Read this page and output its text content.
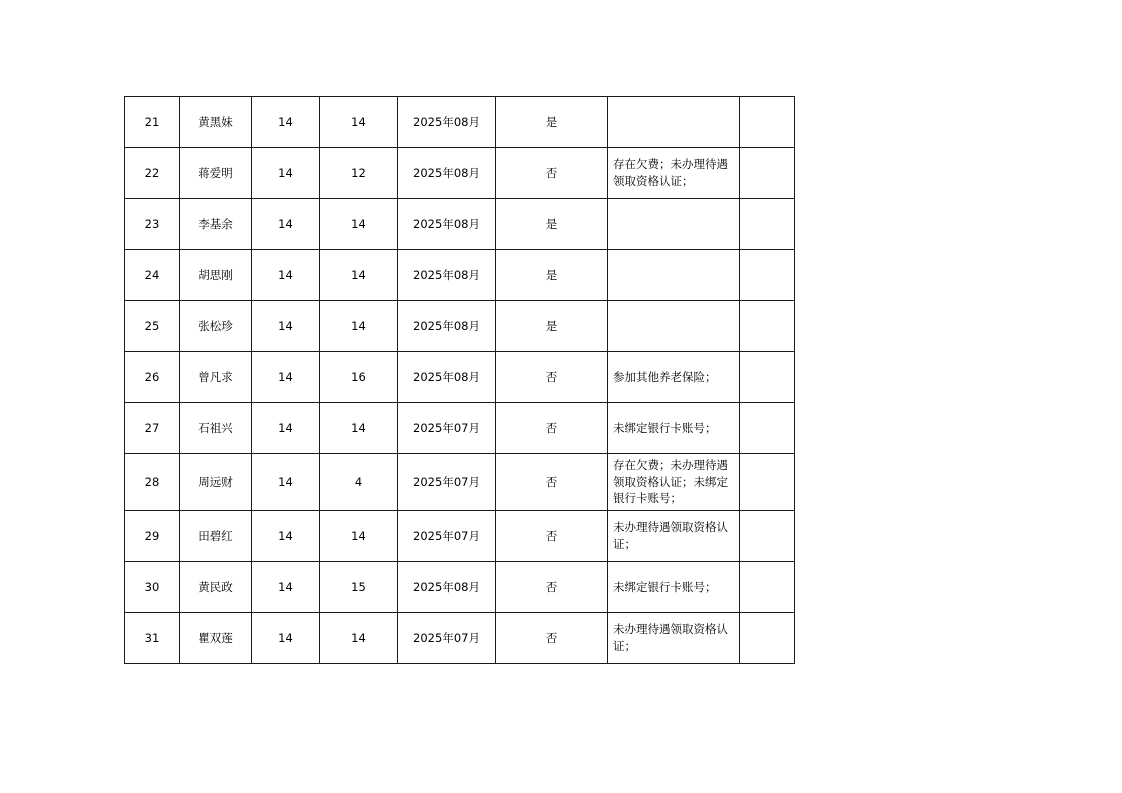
21	黄黑妹	14	14	2025年08月	是		
22	蒋爱明	14	12	2025年08月	否	存在欠费；未办理待遇领取资格认证；	
23	李基余	14	14	2025年08月	是		
24	胡思刚	14	14	2025年08月	是		
25	张松珍	14	14	2025年08月	是		
26	曾凡求	14	16	2025年08月	否	参加其他养老保险；	
27	石祖兴	14	14	2025年07月	否	未绑定银行卡账号；	
28	周远财	14	4	2025年07月	否	存在欠费；未办理待遇领取资格认证；未绑定银行卡账号；	
29	田碧红	14	14	2025年07月	否	未办理待遇领取资格认证；	
30	黄民政	14	15	2025年08月	否	未绑定银行卡账号；	
31	瞿双莲	14	14	2025年07月	否	未办理待遇领取资格认证；	
